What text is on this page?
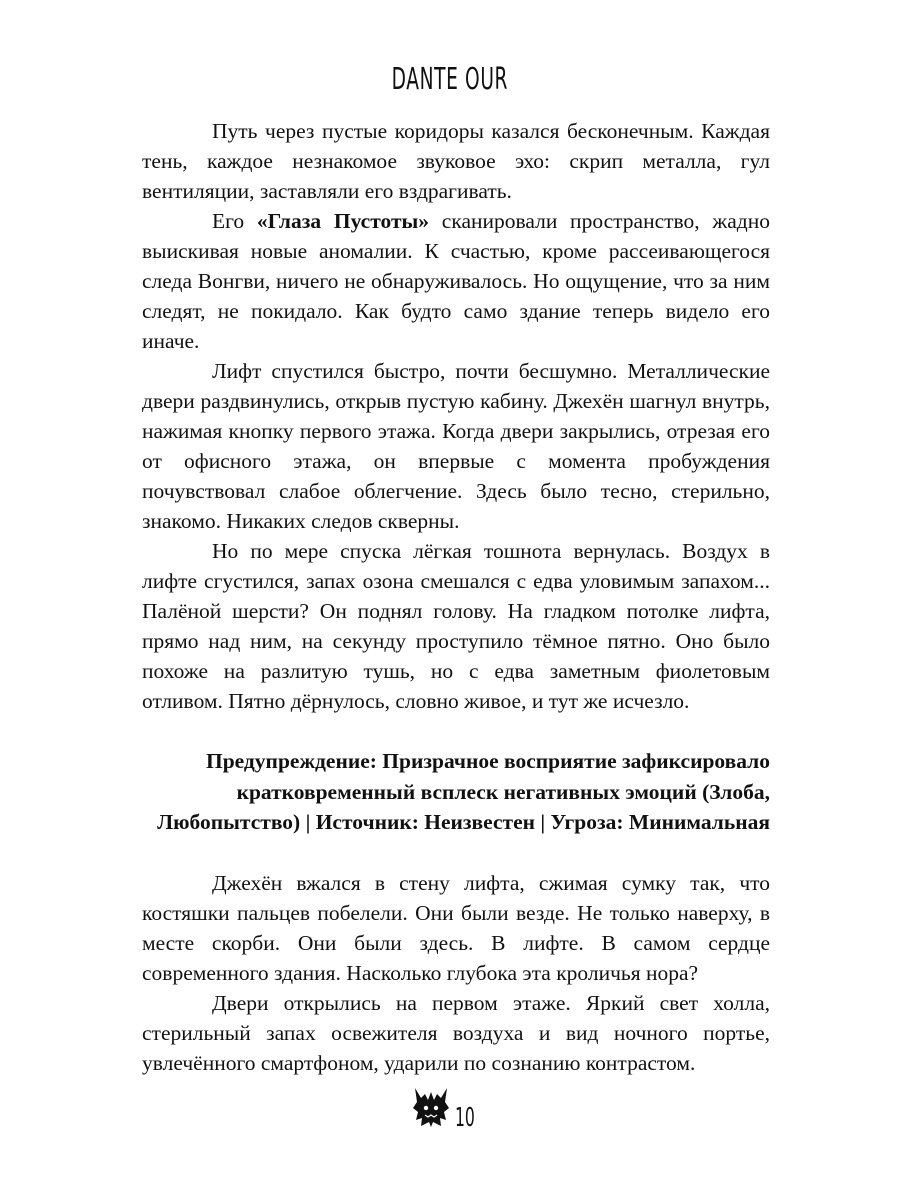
DANTE OUR

Путь через пустые коридоры казался бесконечным. Каждая тень, каждое незнакомое звуковое эхо: скрип металла, гул вентиляции, заставляли его вздрагивать.

Его «Глаза Пустоты» сканировали пространство, жадно выискивая новые аномалии. К счастью, кроме рассеивающегося следа Вонгви, ничего не обнаруживалось. Но ощущение, что за ним следят, не покидало. Как будто само здание теперь видело его иначе.

Лифт спустился быстро, почти бесшумно. Металлические двери раздвинулись, открыв пустую кабину. Джехён шагнул внутрь, нажимая кнопку первого этажа. Когда двери закрылись, отрезая его от офисного этажа, он впервые с момента пробуждения почувствовал слабое облегчение. Здесь было тесно, стерильно, знакомо. Никаких следов скверны.

Но по мере спуска лёгкая тошнота вернулась. Воздух в лифте сгустился, запах озона смешался с едва уловимым запахом... Палёной шерсти? Он поднял голову. На гладком потолке лифта, прямо над ним, на секунду проступило тёмное пятно. Оно было похоже на разлитую тушь, но с едва заметным фиолетовым отливом. Пятно дёрнулось, словно живое, и тут же исчезло.

Предупреждение: Призрачное восприятие зафиксировало
кратковременный всплеск негативных эмоций (Злоба,
Любопытство) | Источник: Неизвестен | Угроза: Минимальная

Джехён вжался в стену лифта, сжимая сумку так, что костяшки пальцев побелели. Они были везде. Не только наверху, в месте скорби. Они были здесь. В лифте. В самом сердце современного здания. Насколько глубока эта кроличья нора?

Двери открылись на первом этаже. Яркий свет холла, стерильный запах освежителя воздуха и вид ночного портье, увлечённого смартфоном, ударили по сознанию контрастом.

10
